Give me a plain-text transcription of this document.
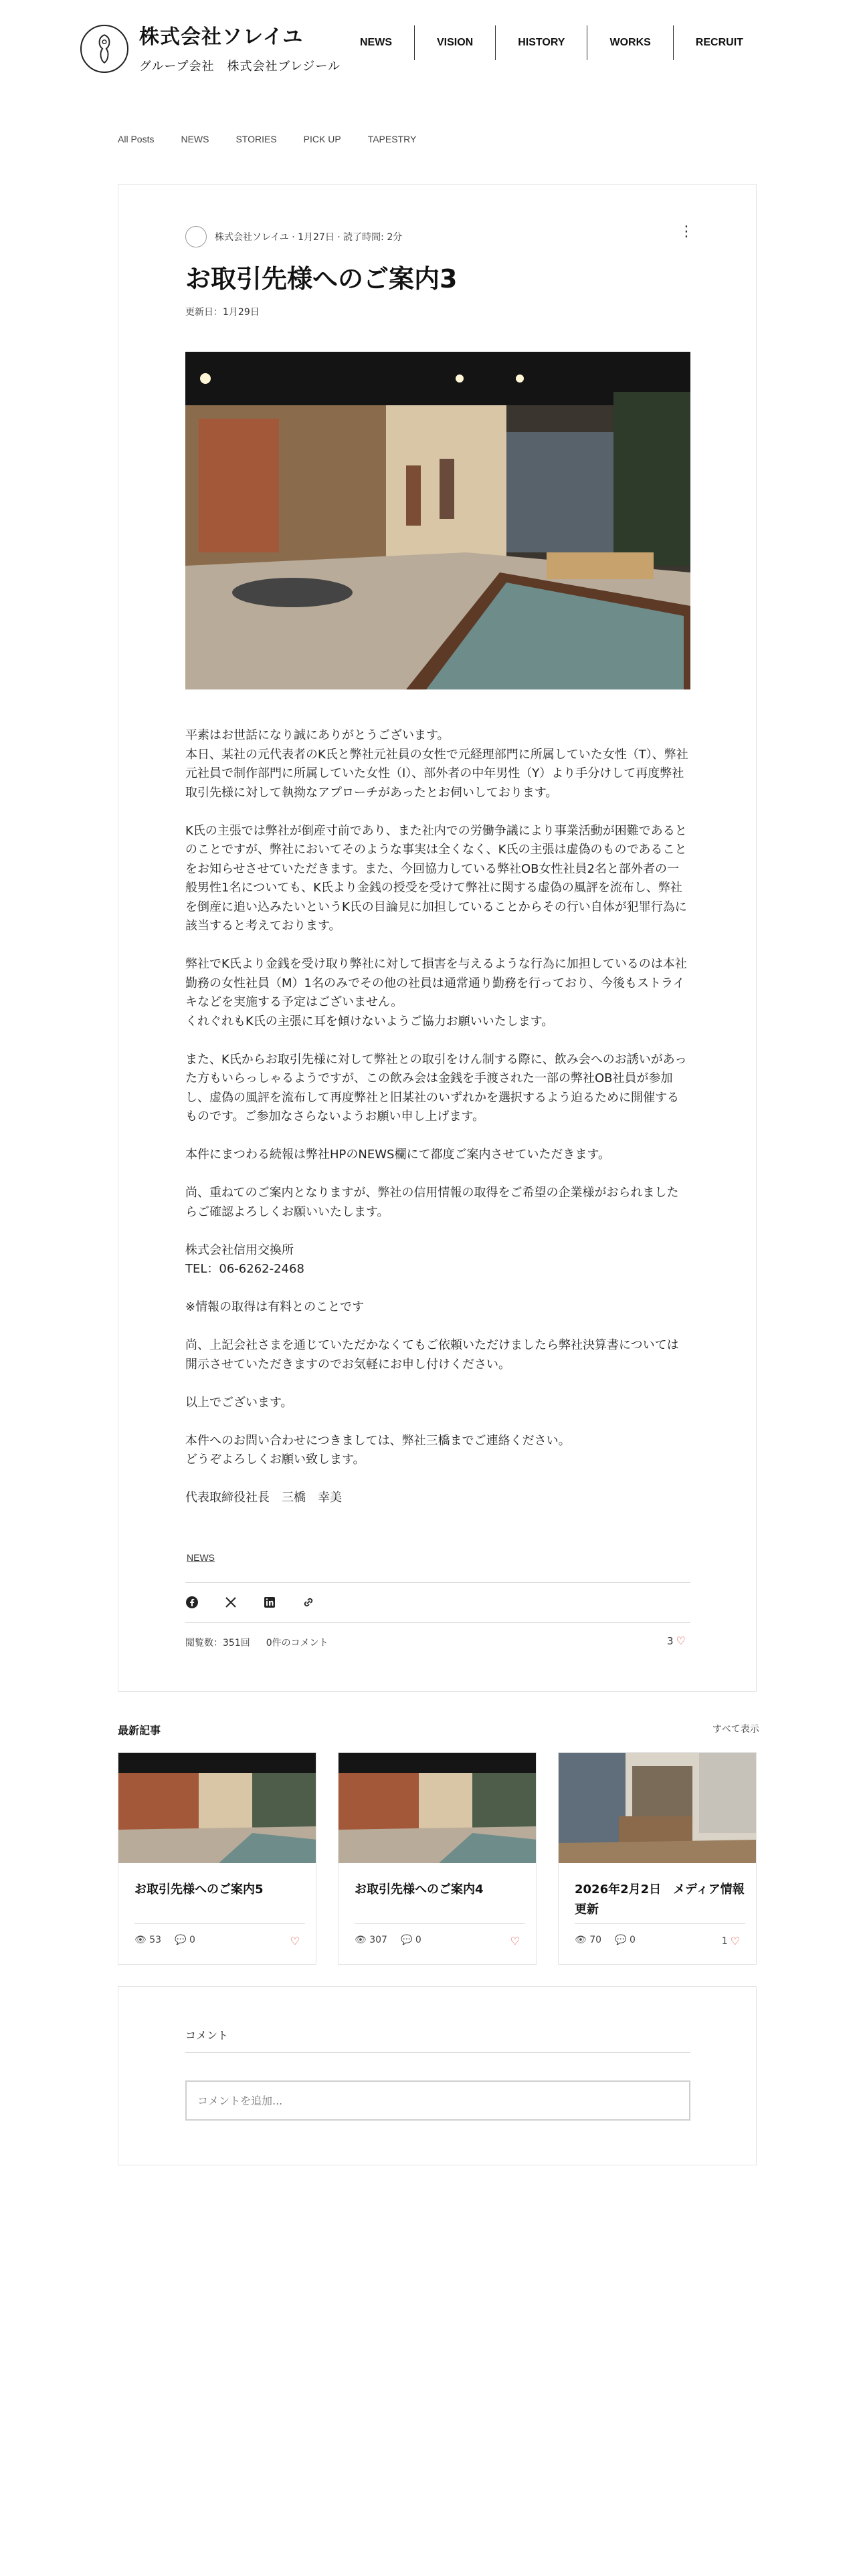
株式会社ソレイユ
グループ会社　株式会社ブレジール
NEWS	VISION	HISTORY	WORKS	RECRUIT
All Posts	NEWS	STORIES	PICK UP	TAPESTRY
株式会社ソレイユ · 1月27日 · 読了時間: 2分	⋮
お取引先様へのご案内3
更新日：1月29日

平素はお世話になり誠にありがとうございます。
本日、某社の元代表者のK氏と弊社元社員の女性で元経理部門に所属していた女性（T）、弊社元社員で制作部門に所属していた女性（I）、部外者の中年男性（Y）より手分けして再度弊社取引先様に対して執拗なアプローチがあったとお伺いしております。

K氏の主張では弊社が倒産寸前であり、また社内での労働争議により事業活動が困難であるとのことですが、弊社においてそのような事実は全くなく、K氏の主張は虚偽のものであることをお知らせさせていただきます。また、今回協力している弊社OB女性社員2名と部外者の一般男性1名についても、K氏より金銭の授受を受けて弊社に関する虚偽の風評を流布し、弊社を倒産に追い込みたいというK氏の目論見に加担していることからその行い自体が犯罪行為に該当すると考えております。

弊社でK氏より金銭を受け取り弊社に対して損害を与えるような行為に加担しているのは本社勤務の女性社員（M）1名のみでその他の社員は通常通り勤務を行っており、今後もストライキなどを実施する予定はございません。
くれぐれもK氏の主張に耳を傾けないようご協力お願いいたします。

また、K氏からお取引先様に対して弊社との取引をけん制する際に、飲み会へのお誘いがあった方もいらっしゃるようですが、この飲み会は金銭を手渡された一部の弊社OB社員が参加し、虚偽の風評を流布して再度弊社と旧某社のいずれかを選択するよう迫るために開催するものです。ご参加なさらないようお願い申し上げます。

本件にまつわる続報は弊社HPのNEWS欄にて都度ご案内させていただきます。

尚、重ねてのご案内となりますが、弊社の信用情報の取得をご希望の企業様がおられましたらご確認よろしくお願いいたします。

株式会社信用交換所
TEL：06-6262-2468

※情報の取得は有料とのことです

尚、上記会社さまを通じていただかなくてもご依頼いただけましたら弊社決算書については開示させていただきますのでお気軽にお申し付けください。

以上でございます。

本件へのお問い合わせにつきましては、弊社三橋までご連絡ください。
どうぞよろしくお願い致します。

代表取締役社長　三橋　幸美

NEWS
閲覧数：351回 0件のコメント	3 ♡
最新記事	すべて表示
お取引先様へのご案内5
👁 53 💬 0	♡
お取引先様へのご案内4
👁 307 💬 0	♡
2026年2月2日　メディア情報更新
👁 70 💬 0	1 ♡
コメント
コメントを追加...
